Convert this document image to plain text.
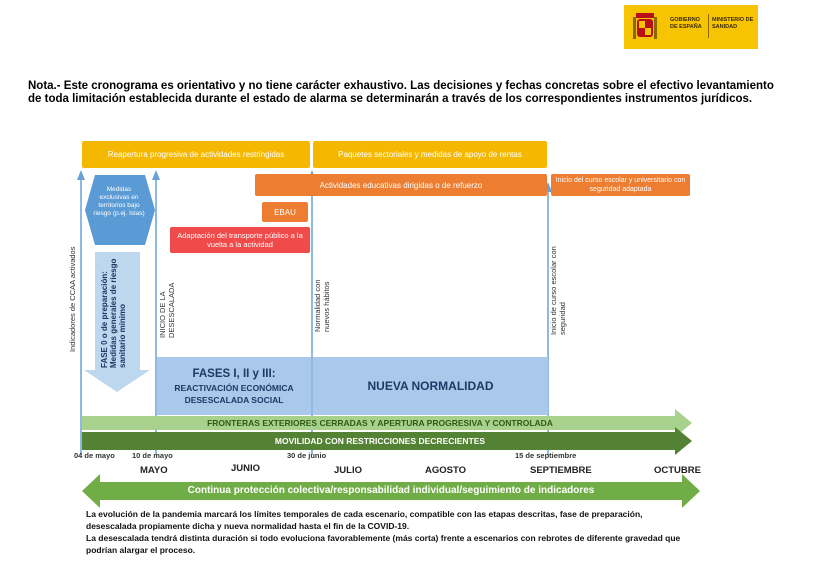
GOBIERNO DE ESPAÑA
MINISTERIO DE SANIDAD
Nota.- Este cronograma es orientativo y no tiene carácter exhaustivo. Las decisiones y fechas concretas sobre el efectivo levantamiento de toda limitación establecida durante el estado de alarma se determinarán a través de los correspondientes instrumentos jurídicos.
Reapertura progresiva de actividades restringidas	Paquetes sectoriales y medidas de apoyo de rentas
Actividades educativas dirigidas o de refuerzo	Inicio del curso escolar y universitario con seguridad adaptada
EBAU
Adaptación del transporte público a la vuelta a la actividad
Medidas exclusivas en territorios bajo riesgo (p.ej. Islas)
FASE 0 o de preparación: Medidas generales de riesgo sanitario mínimo
Indicadores de CCAA activados	INICIO DE LA DESESCALADA	Normalidad con nuevos hábitos	Inicio de curso escolar con seguridad
FASES I, II y III:
REACTIVACIÓN ECONÓMICA
DESESCALADA SOCIAL
NUEVA NORMALIDAD
FRONTERAS EXTERIORES CERRADAS Y APERTURA PROGRESIVA Y CONTROLADA
MOVILIDAD CON RESTRICCIONES DECRECIENTES
Continua protección colectiva/responsabilidad individual/seguimiento de indicadores
04 de mayo 10 de mayo	30 de junio	15 de septiembre
MAYO	JUNIO	JULIO	AGOSTO	SEPTIEMBRE	OCTUBRE
La evolución de la pandemia marcará los límites temporales de cada escenario, compatible con las etapas descritas, fase de preparación, desescalada propiamente dicha y nueva normalidad hasta el fin de la COVID-19.
La desescalada tendrá distinta duración si todo evoluciona favorablemente (más corta) frente a escenarios con rebrotes de diferente gravedad que podrían alargar el proceso.
